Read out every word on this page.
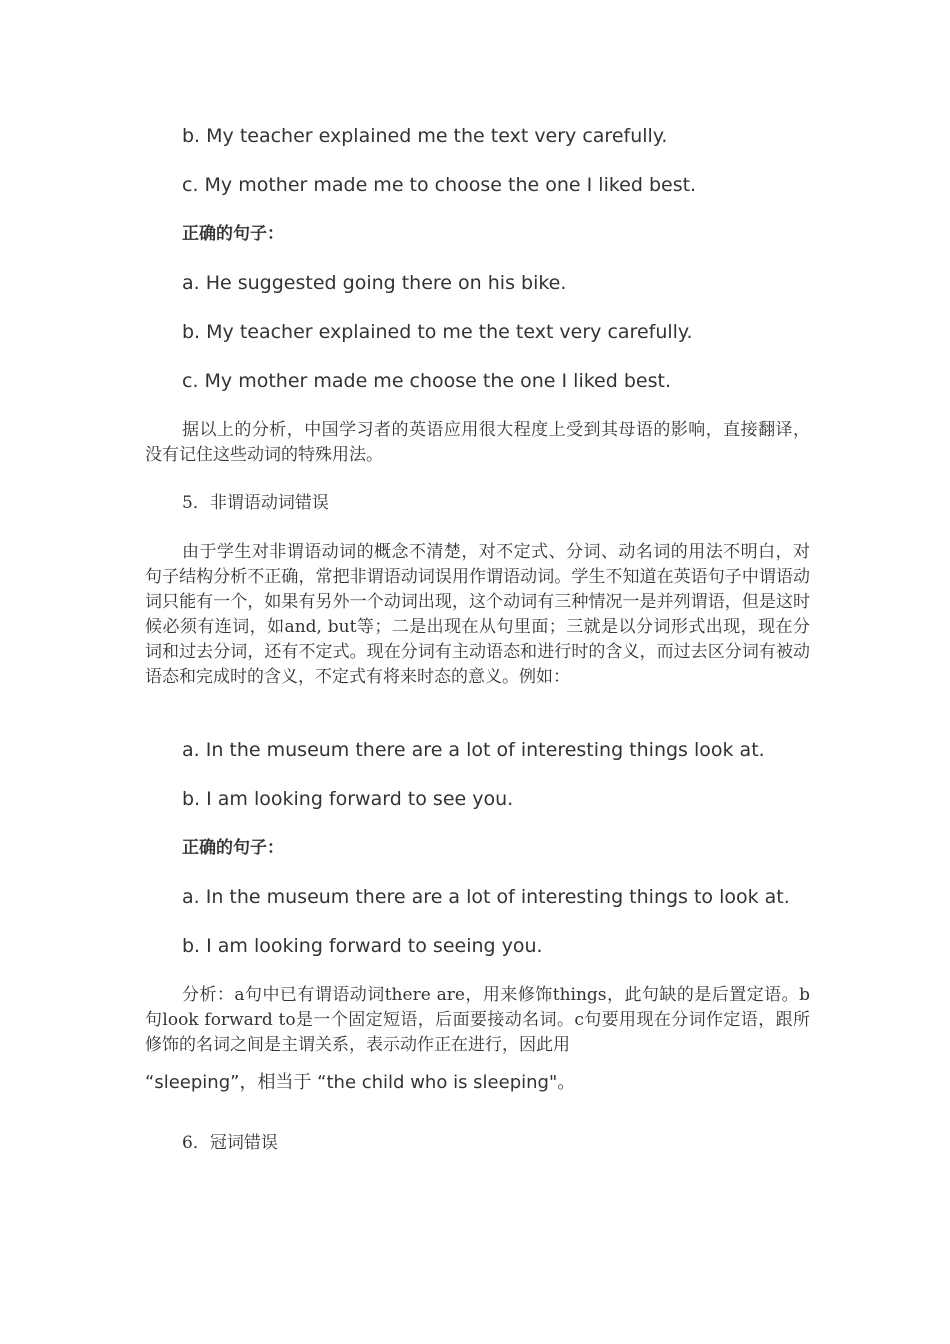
b. My teacher explained me the text very carefully.
c. My mother made me to choose the one I liked best.
正确的句子：
a. He suggested going there on his bike.
b. My teacher explained to me the text very carefully.
c. My mother made me choose the one I liked best.
据以上的分析，中国学习者的英语应用很大程度上受到其母语的影响，直接翻译，没有记住这些动词的特殊用法。
5．非谓语动词错误
由于学生对非谓语动词的概念不清楚，对不定式、分词、动名词的用法不明白，对句子结构分析不正确，常把非谓语动词误用作谓语动词。学生不知道在英语句子中谓语动词只能有一个，如果有另外一个动词出现，这个动词有三种情况一是并列谓语，但是这时候必须有连词，如and, but等；二是出现在从句里面；三就是以分词形式出现，现在分词和过去分词，还有不定式。现在分词有主动语态和进行时的含义，而过去区分词有被动语态和完成时的含义，不定式有将来时态的意义。例如：
a. In the museum there are a lot of interesting things look at.
b. I am looking forward to see you.
正确的句子：
a. In the museum there are a lot of interesting things to look at.
b. I am looking forward to seeing you.
分析：a句中已有谓语动词there are，用来修饰things，此句缺的是后置定语。b句look forward to是一个固定短语，后面要接动名词。c句要用现在分词作定语，跟所修饰的名词之间是主谓关系，表示动作正在进行，因此用
“sleeping”，相当于 “the child who is sleeping"。
6．冠词错误
